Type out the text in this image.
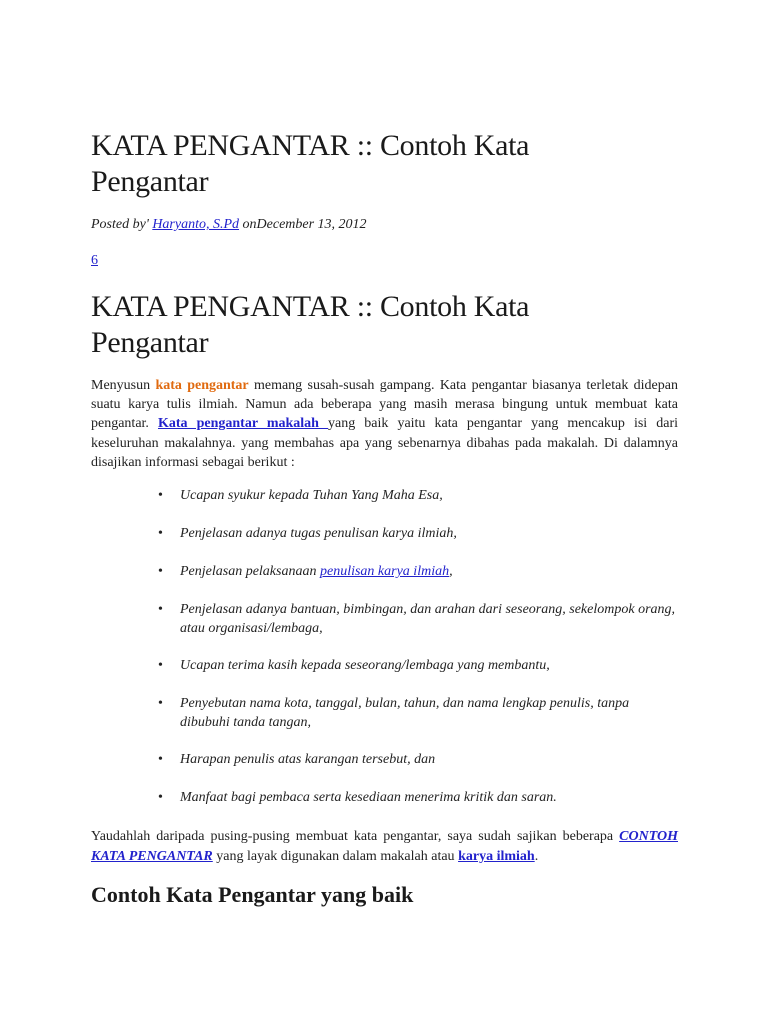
KATA PENGANTAR :: Contoh Kata Pengantar
Posted by' Haryanto, S.Pd onDecember 13, 2012
6
KATA PENGANTAR :: Contoh Kata Pengantar

Menyusun kata pengantar memang susah-susah gampang. Kata pengantar biasanya terletak didepan suatu karya tulis ilmiah. Namun ada beberapa yang masih merasa bingung untuk membuat kata pengantar. Kata pengantar makalah yang baik yaitu kata pengantar yang mencakup isi dari keseluruhan makalahnya. yang membahas apa yang sebenarnya dibahas pada makalah. Di dalamnya disajikan informasi sebagai berikut :

• Ucapan syukur kepada Tuhan Yang Maha Esa,
• Penjelasan adanya tugas penulisan karya ilmiah,
• Penjelasan pelaksanaan penulisan karya ilmiah,
• Penjelasan adanya bantuan, bimbingan, dan arahan dari seseorang, sekelompok orang, atau organisasi/lembaga,
• Ucapan terima kasih kepada seseorang/lembaga yang membantu,
• Penyebutan nama kota, tanggal, bulan, tahun, dan nama lengkap penulis, tanpa dibubuhi tanda tangan,
• Harapan penulis atas karangan tersebut, dan
• Manfaat bagi pembaca serta kesediaan menerima kritik dan saran.

Yaudahlah daripada pusing-pusing membuat kata pengantar, saya sudah sajikan beberapa CONTOH KATA PENGANTAR yang layak digunakan dalam makalah atau karya ilmiah.

Contoh Kata Pengantar yang baik
